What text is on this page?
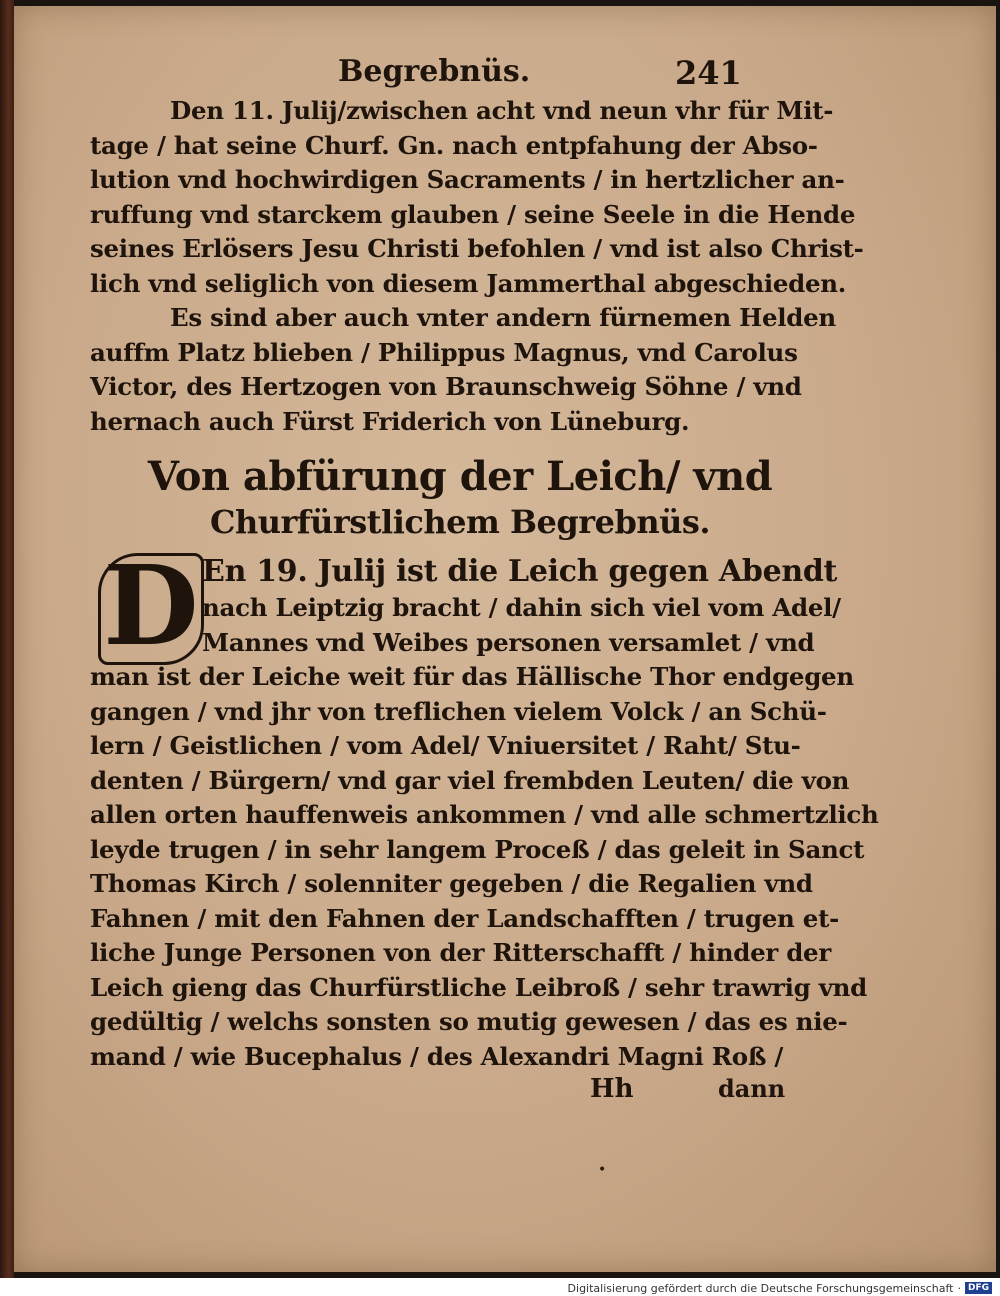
Begrebnüs.	241
Den 11. Julij/zwischen acht vnd neun vhr für Mit-
tage / hat seine Churf. Gn. nach entpfahung der Abso-
lution vnd hochwirdigen Sacraments / in hertzlicher an-
ruffung vnd starckem glauben / seine Seele in die Hende
seines Erlösers Jesu Christi befohlen / vnd ist also Christ-
lich vnd seliglich von diesem Jammerthal abgeschieden.
Es sind aber auch vnter andern fürnemen Helden
auffm Platz blieben / Philippus Magnus, vnd Carolus
Victor, des Hertzogen von Braunschweig Söhne / vnd
hernach auch Fürst Friderich von Lüneburg.
Von abfürung der Leich/ vnd
Churfürstlichem Begrebnüs.
D En 19. Julij ist die Leich gegen Abendt
nach Leiptzig bracht / dahin sich viel vom Adel/
Mannes vnd Weibes personen versamlet / vnd
man ist der Leiche weit für das Hällische Thor endgegen
gangen / vnd jhr von treflichen vielem Volck / an Schü-
lern / Geistlichen / vom Adel/ Vniuersitet / Raht/ Stu-
denten / Bürgern/ vnd gar viel frembden Leuten/ die von
allen orten hauffenweis ankommen / vnd alle schmertzlich
leyde trugen / in sehr langem Proceß / das geleit in Sanct
Thomas Kirch / solenniter gegeben / die Regalien vnd
Fahnen / mit den Fahnen der Landschafften / trugen et-
liche Junge Personen von der Ritterschafft / hinder der
Leich gieng das Churfürstliche Leibroß / sehr trawrig vnd
gedültig / welchs sonsten so mutig gewesen / das es nie-
mand / wie Bucephalus / des Alexandri Magni Roß /
Hh	dann
•
Digitalisierung gefördert durch die Deutsche Forschungsgemeinschaft · DFG
